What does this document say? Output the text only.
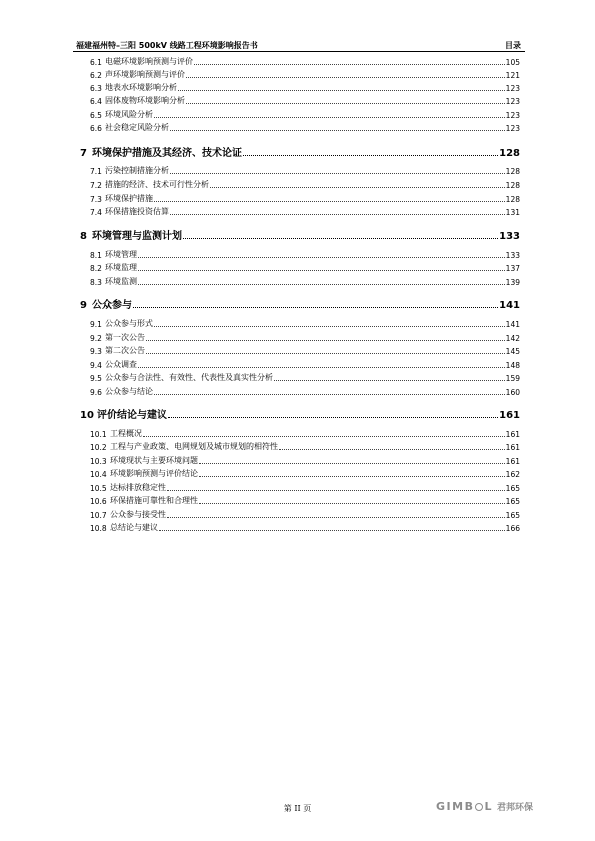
福建福州特–三阳 500kV 线路工程环境影响报告书	目录
6.1 电磁环境影响预测与评价	105
6.2 声环境影响预测与评价	121
6.3 地表水环境影响分析	123
6.4 固体废物环境影响分析	123
6.5 环境风险分析	123
6.6 社会稳定风险分析	123
7 环境保护措施及其经济、技术论证	128
7.1 污染控制措施分析	128
7.2 措施的经济、技术可行性分析	128
7.3 环境保护措施	128
7.4 环保措施投资估算	131
8 环境管理与监测计划	133
8.1 环境管理	133
8.2 环境监理	137
8.3 环境监测	139
9 公众参与	141
9.1 公众参与形式	141
9.2 第一次公告	142
9.3 第二次公告	145
9.4 公众调查	148
9.5 公众参与合法性、有效性、代表性及真实性分析	159
9.6 公众参与结论	160
10 评价结论与建议	161
10.1 工程概况	161
10.2 工程与产业政策、电网规划及城市规划的相符性	161
10.3 环境现状与主要环境问题	161
10.4 环境影响预测与评价结论	162
10.5 达标排放稳定性	165
10.6 环保措施可靠性和合理性	165
10.7 公众参与接受性	165
10.8 总结论与建议	166
第 II 页	GIMB L 君邦环保
